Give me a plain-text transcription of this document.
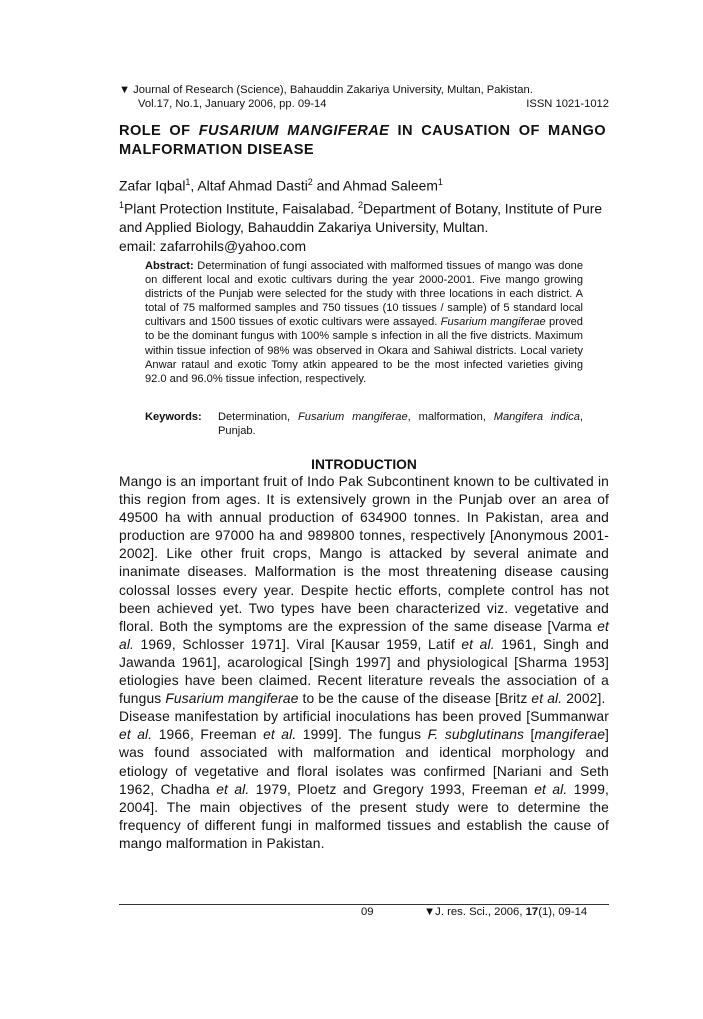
▼ Journal of Research (Science), Bahauddin Zakariya University, Multan, Pakistan.
Vol.17, No.1, January 2006, pp. 09-14	ISSN 1021-1012
ROLE OF FUSARIUM MANGIFERAE IN CAUSATION OF MANGO MALFORMATION DISEASE
Zafar Iqbal$^1$, Altaf Ahmad Dasti$^2$ and Ahmad Saleem$^1$
$^1$Plant Protection Institute, Faisalabad. $^2$Department of Botany, Institute of Pure and Applied Biology, Bahauddin Zakariya University, Multan.
email: zafarrohils@yahoo.com
Abstract: Determination of fungi associated with malformed tissues of mango was done on different local and exotic cultivars during the year 2000-2001. Five mango growing districts of the Punjab were selected for the study with three locations in each district. A total of 75 malformed samples and 750 tissues (10 tissues / sample) of 5 standard local cultivars and 1500 tissues of exotic cultivars were assayed. Fusarium mangiferae proved to be the dominant fungus with 100% sample s infection in all the five districts. Maximum within tissue infection of 98% was observed in Okara and Sahiwal districts. Local variety Anwar rataul and exotic Tomy atkin appeared to be the most infected varieties giving 92.0 and 96.0% tissue infection, respectively.
Keywords:	Determination, Fusarium mangiferae, malformation, Mangifera indica, Punjab.
INTRODUCTION

Mango is an important fruit of Indo Pak Subcontinent known to be cultivated in this region from ages. It is extensively grown in the Punjab over an area of 49500 ha with annual production of 634900 tonnes. In Pakistan, area and production are 97000 ha and 989800 tonnes, respectively [Anonymous 2001-2002]. Like other fruit crops, Mango is attacked by several animate and inanimate diseases. Malformation is the most threatening disease causing colossal losses every year. Despite hectic efforts, complete control has not been achieved yet. Two types have been characterized viz. vegetative and floral. Both the symptoms are the expression of the same disease [Varma et al. 1969, Schlosser 1971]. Viral [Kausar 1959, Latif et al. 1961, Singh and Jawanda 1961], acarological [Singh 1997] and physiological [Sharma 1953] etiologies have been claimed. Recent literature reveals the association of a fungus Fusarium mangiferae to be the cause of the disease [Britz et al. 2002].

Disease manifestation by artificial inoculations has been proved [Summanwar et al. 1966, Freeman et al. 1999]. The fungus F. subglutinans [mangiferae] was found associated with malformation and identical morphology and etiology of vegetative and floral isolates was confirmed [Nariani and Seth 1962, Chadha et al. 1979, Ploetz and Gregory 1993, Freeman et al. 1999, 2004]. The main objectives of the present study were to determine the frequency of different fungi in malformed tissues and establish the cause of mango malformation in Pakistan.

09	▼J. res. Sci., 2006, 17(1), 09-14
